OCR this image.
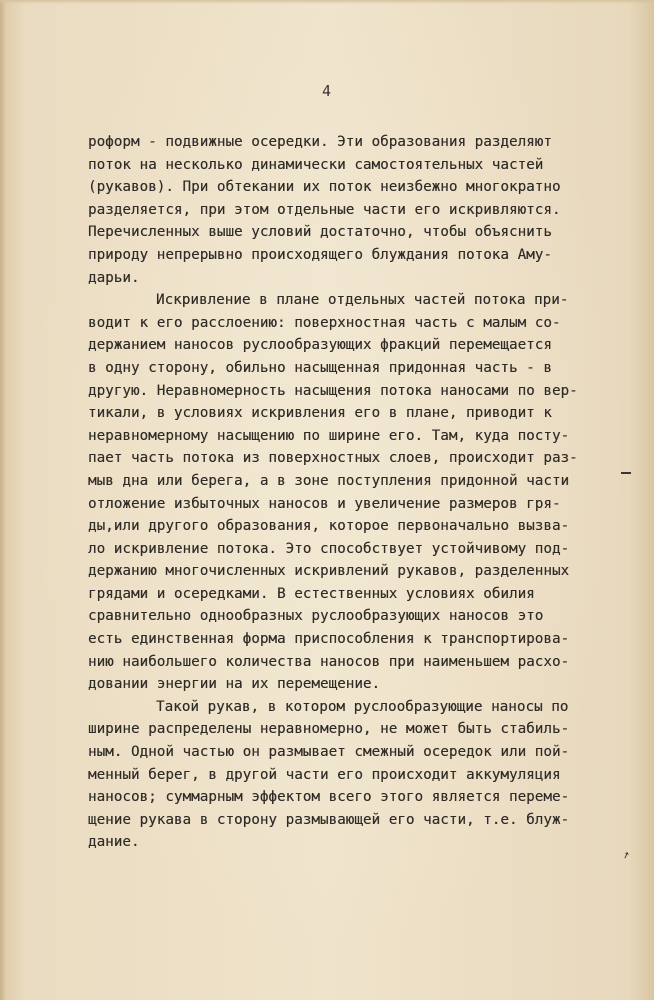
4
роформ - подвижные осередки. Эти образования разделяют
поток на несколько динамически самостоятельных частей
(рукавов). При обтекании их поток неизбежно многократно
разделяется, при этом отдельные части его искривляются.
Перечисленных выше условий достаточно, чтобы объяснить
природу непрерывно происходящего блуждания потока Аму-
дарьи.
Искривление в плане отдельных частей потока при-
водит к его расслоению: поверхностная часть с малым со-
держанием наносов руслообразующих фракций перемещается
в одну сторону, обильно насыщенная придонная часть - в
другую. Неравномерность насыщения потока наносами по вер-
тикали, в условиях искривления его в плане, приводит к
неравномерному насыщению по ширине его. Там, куда посту-
пает часть потока из поверхностных слоев, происходит раз-
мыв дна или берега, а в зоне поступления придонной части
отложение избыточных наносов и увеличение размеров гря-
ды,или другого образования, которое первоначально вызва-
ло искривление потока. Это способствует устойчивому под-
держанию многочисленных искривлений рукавов, разделенных
грядами и осередками. В естественных условиях обилия
сравнительно однообразных руслообразующих наносов это
есть единственная форма приспособления к транспортирова-
нию наибольшего количества наносов при наименьшем расхо-
довании энергии на их перемещение.
Такой рукав, в котором руслообразующие наносы по
ширине распределены неравномерно, не может быть стабиль-
ным. Одной частью он размывает смежный осередок или пой-
менный берег, в другой части его происходит аккумуляция
наносов; суммарным эффектом всего этого является переме-
щение рукава в сторону размывающей его части, т.е. блуж-
дание.
↗
